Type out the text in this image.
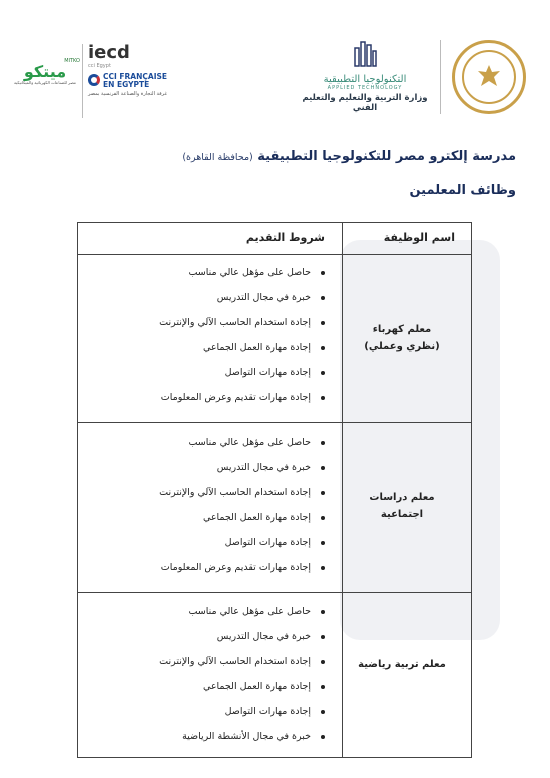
التكنولوجيا التطبيقية
APPLIED TECHNOLOGY
وزارة التربية والتعليم والتعليم الفني
iecd
cci Egypt
CCI FRANÇAISE
EN EGYPTE
غرفة التجارة والصناعة الفرنسية بمصر
MITKO
ميتكو
مصر للصناعات الكهربائية والميكانيكية
مدرسة إلكترو مصر للتكنولوجيا التطبيقية (محافظة القاهرة)
وظائف المعلمين
اسم الوظيفة
شروط التقديم
معلم كهرباء
(نظري وعملي)
حاصل على مؤهل عالي مناسب
خبرة في مجال التدريس
إجادة استخدام الحاسب الآلي والإنترنت
إجادة مهارة العمل الجماعي
إجادة مهارات التواصل
إجادة مهارات تقديم وعرض المعلومات
معلم دراسات اجتماعية
حاصل على مؤهل عالي مناسب
خبرة في مجال التدريس
إجادة استخدام الحاسب الآلي والإنترنت
إجادة مهارة العمل الجماعي
إجادة مهارات التواصل
إجادة مهارات تقديم وعرض المعلومات
معلم تربية رياضية
حاصل على مؤهل عالي مناسب
خبرة في مجال التدريس
إجادة استخدام الحاسب الآلي والإنترنت
إجادة مهارة العمل الجماعي
إجادة مهارات التواصل
خبرة في مجال الأنشطة الرياضية
